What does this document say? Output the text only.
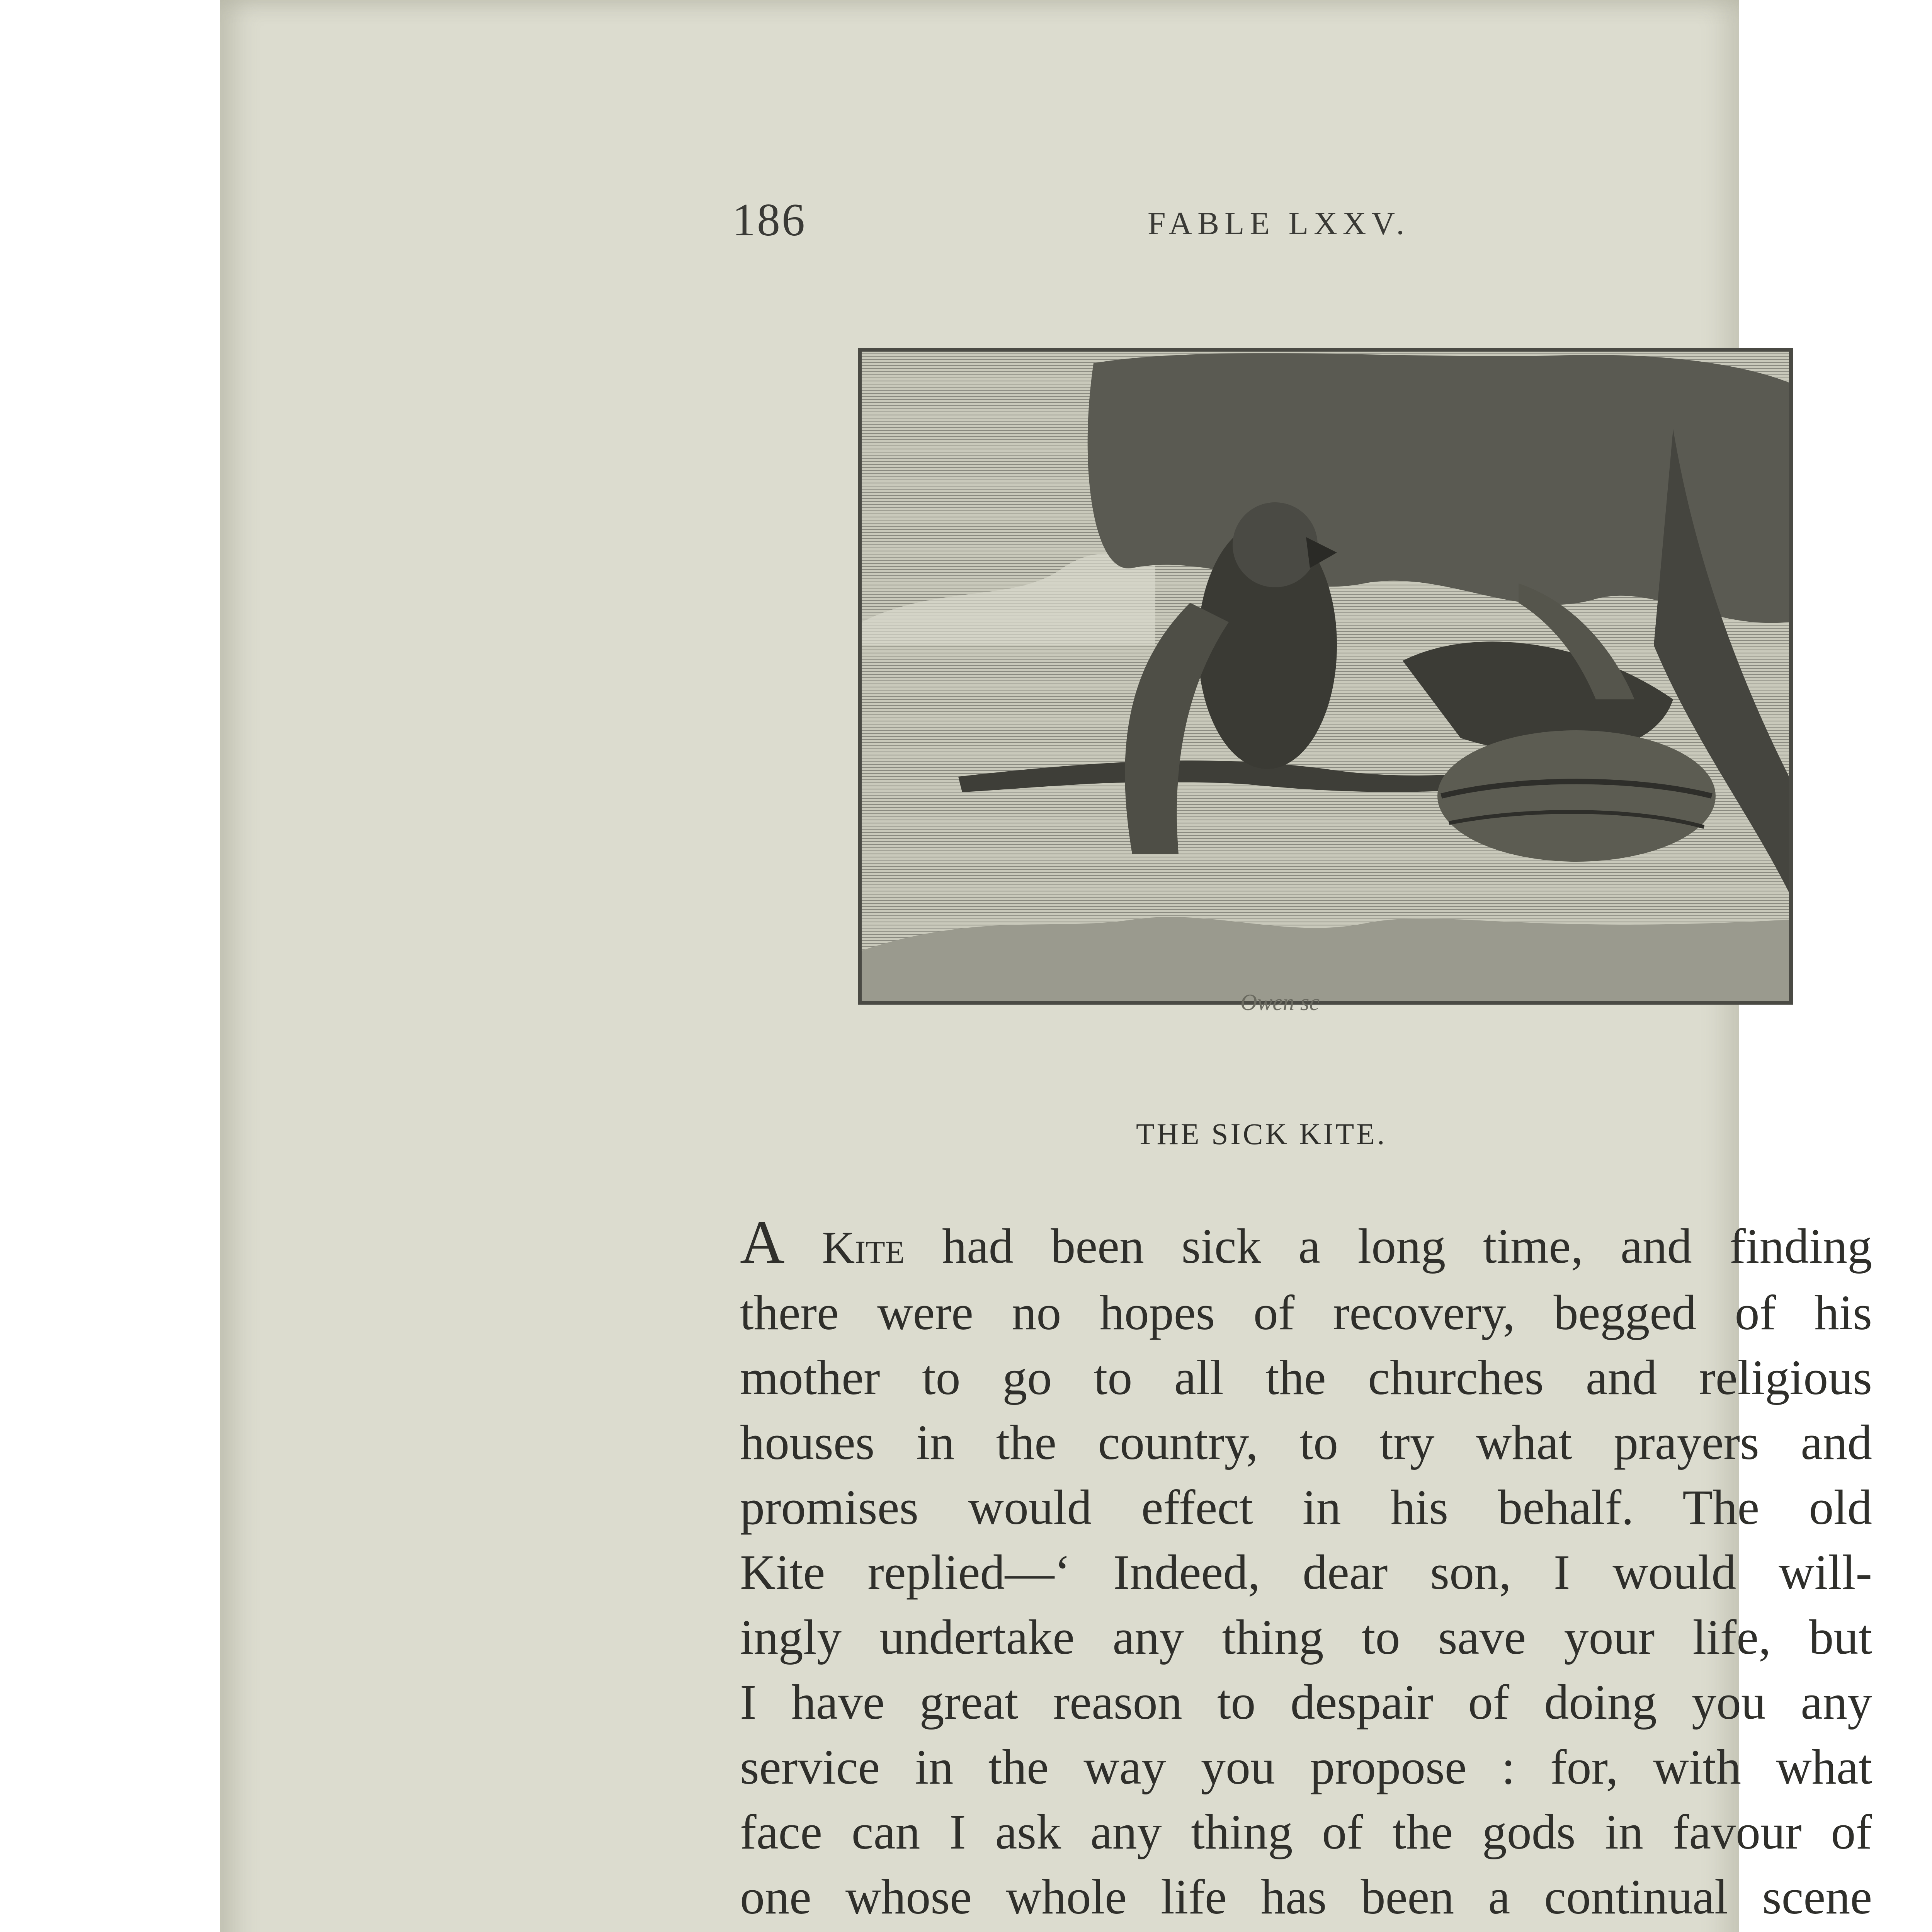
186	FABLE LXXV.
Owen sc
THE SICK KITE.
A Kite had been sick a long time, and finding
there were no hopes of recovery, begged of his
mother to go to all the churches and religious
houses in the country, to try what prayers and
promises would effect in his behalf. The old
Kite replied—‘ Indeed, dear son, I would will-
ingly undertake any thing to save your life, but
I have great reason to despair of doing you any
service in the way you propose : for, with what
face can I ask any thing of the gods in favour of
one whose whole life has been a continual scene
